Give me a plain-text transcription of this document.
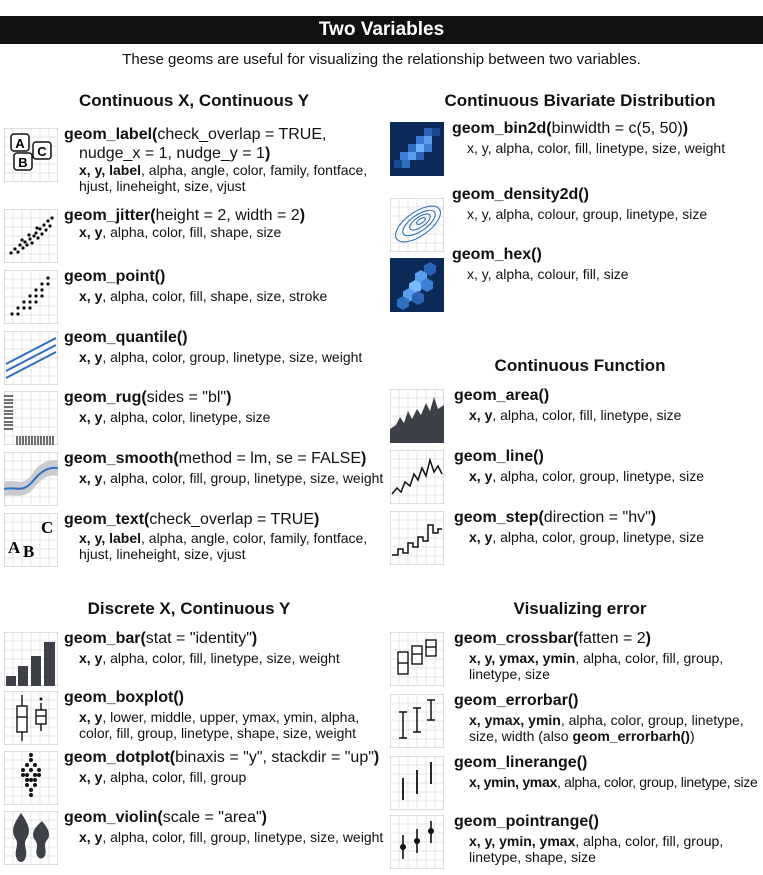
Two Variables
These geoms are useful for visualizing the relationship between two variables.
Continuous X, Continuous Y	Continuous Bivariate Distribution
Continuous Function
Discrete X, Continuous Y	Visualizing error
A
B
C
geom_label(check_overlap = TRUE,
nudge_x = 1, nudge_y = 1)
x, y, label, alpha, angle, color, family, fontface,
hjust, lineheight, size, vjust
geom_jitter(height = 2, width = 2)
x, y, alpha, color, fill, shape, size
geom_point()
x, y, alpha, color, fill, shape, size, stroke
geom_quantile()
x, y, alpha, color, group, linetype, size, weight
geom_rug(sides = "bl")
x, y, alpha, color, linetype, size
geom_smooth(method = lm, se = FALSE)
x, y, alpha, color, fill, group, linetype, size, weight
A B
C geom_text(check_overlap = TRUE)
x, y, label, alpha, angle, color, family, fontface,
hjust, lineheight, size, vjust
geom_bar(stat = "identity")
x, y, alpha, color, fill, linetype, size, weight
geom_boxplot()
x, y, lower, middle, upper, ymax, ymin, alpha,
color, fill, group, linetype, shape, size, weight
geom_dotplot(binaxis = "y", stackdir = "up")
x, y, alpha, color, fill, group
geom_violin(scale = "area")
x, y, alpha, color, fill, group, linetype, size, weight
geom_bin2d(binwidth = c(5, 50))
x, y, alpha, color, fill, linetype, size, weight
geom_density2d()
x, y, alpha, colour, group, linetype, size
geom_hex()
x, y, alpha, colour, fill, size
geom_area()
x, y, alpha, color, fill, linetype, size
geom_line()
x, y, alpha, color, group, linetype, size
geom_step(direction = "hv")
x, y, alpha, color, group, linetype, size
geom_crossbar(fatten = 2)
x, y, ymax, ymin, alpha, color, fill, group,
linetype, size
geom_errorbar()
x, ymax, ymin, alpha, color, group, linetype,
size, width (also geom_errorbarh())
geom_linerange()
x, ymin, ymax, alpha, color, group, linetype, size
geom_pointrange()
x, y, ymin, ymax, alpha, color, fill, group,
linetype, shape, size
